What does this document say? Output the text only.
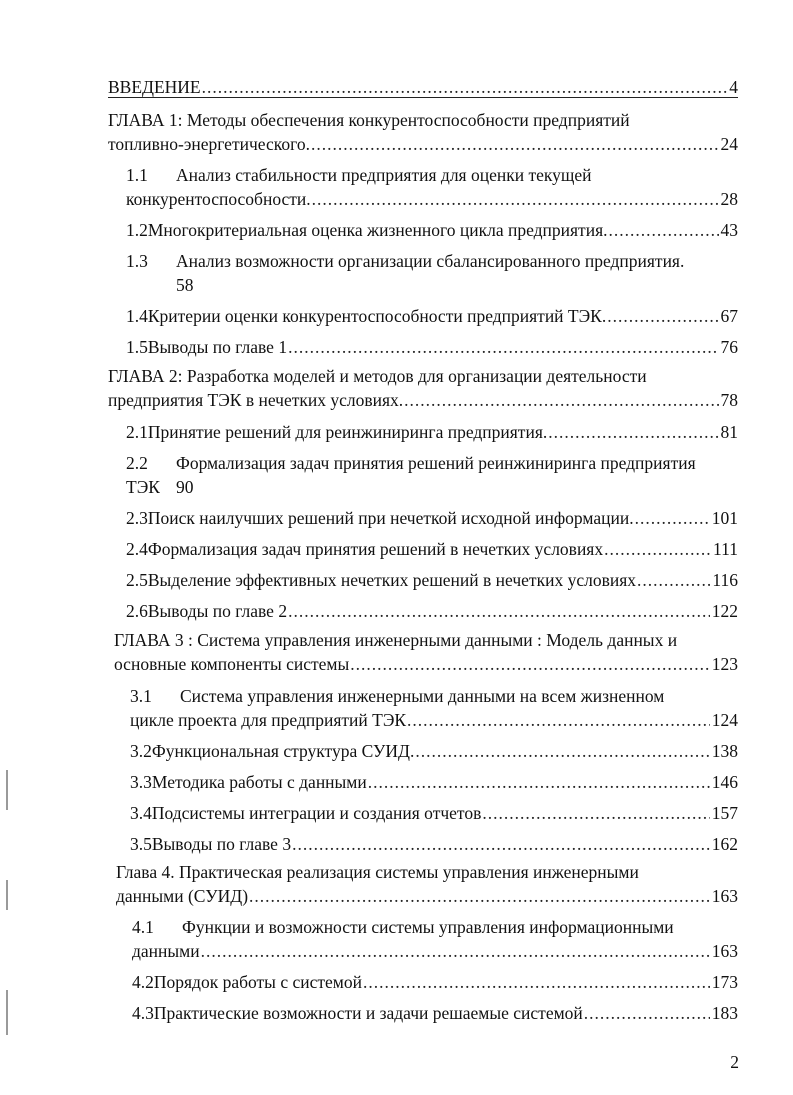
ВВЕДЕНИЕ .....	4
ГЛАВА 1: Методы обеспечения конкурентоспособности предприятий
топливно-энергетического. .....	24
1.1 Анализ стабильности предприятия для оценки текущей
конкурентоспособности. .....	28
1.2 Многокритериальная оценка жизненного цикла предприятия. .....	43
1.3 Анализ возможности организации сбалансированного предприятия.
58
1.4 Критерии оценки конкурентоспособности предприятий ТЭК. .....	67
1.5 Выводы по главе 1 .....	76
ГЛАВА 2: Разработка моделей и методов для организации деятельности
предприятия ТЭК в нечетких условиях. .....	78
2.1 Принятие решений для реинжиниринга предприятия. .....	81
2.2 Формализация задач принятия решений реинжиниринга предприятия
ТЭК 90
2.3 Поиск наилучших решений при нечеткой исходной информации. .....	101
2.4 Формализация задач принятия решений в нечетких условиях .....	111
2.5 Выделение эффективных нечетких решений в нечетких условиях .....	116
2.6 Выводы по главе 2 .....	122
ГЛАВА 3 : Система управления инженерными данными : Модель данных и
основные компоненты системы .....	123
3.1 Система управления инженерными данными на всем жизненном
цикле проекта для предприятий ТЭК .....	124
3.2 Функциональная структура СУИД. .....	138
3.3 Методика работы с данными .....	146
3.4 Подсистемы интеграции и создания отчетов .....	157
3.5 Выводы по главе 3 .....	162
Глава 4. Практическая реализация системы управления инженерными
данными (СУИД) .....	163
4.1 Функции и возможности системы управления информационными
данными .....	163
4.2 Порядок работы с системой .....	173
4.3 Практические возможности и задачи решаемые системой .....	183
2
